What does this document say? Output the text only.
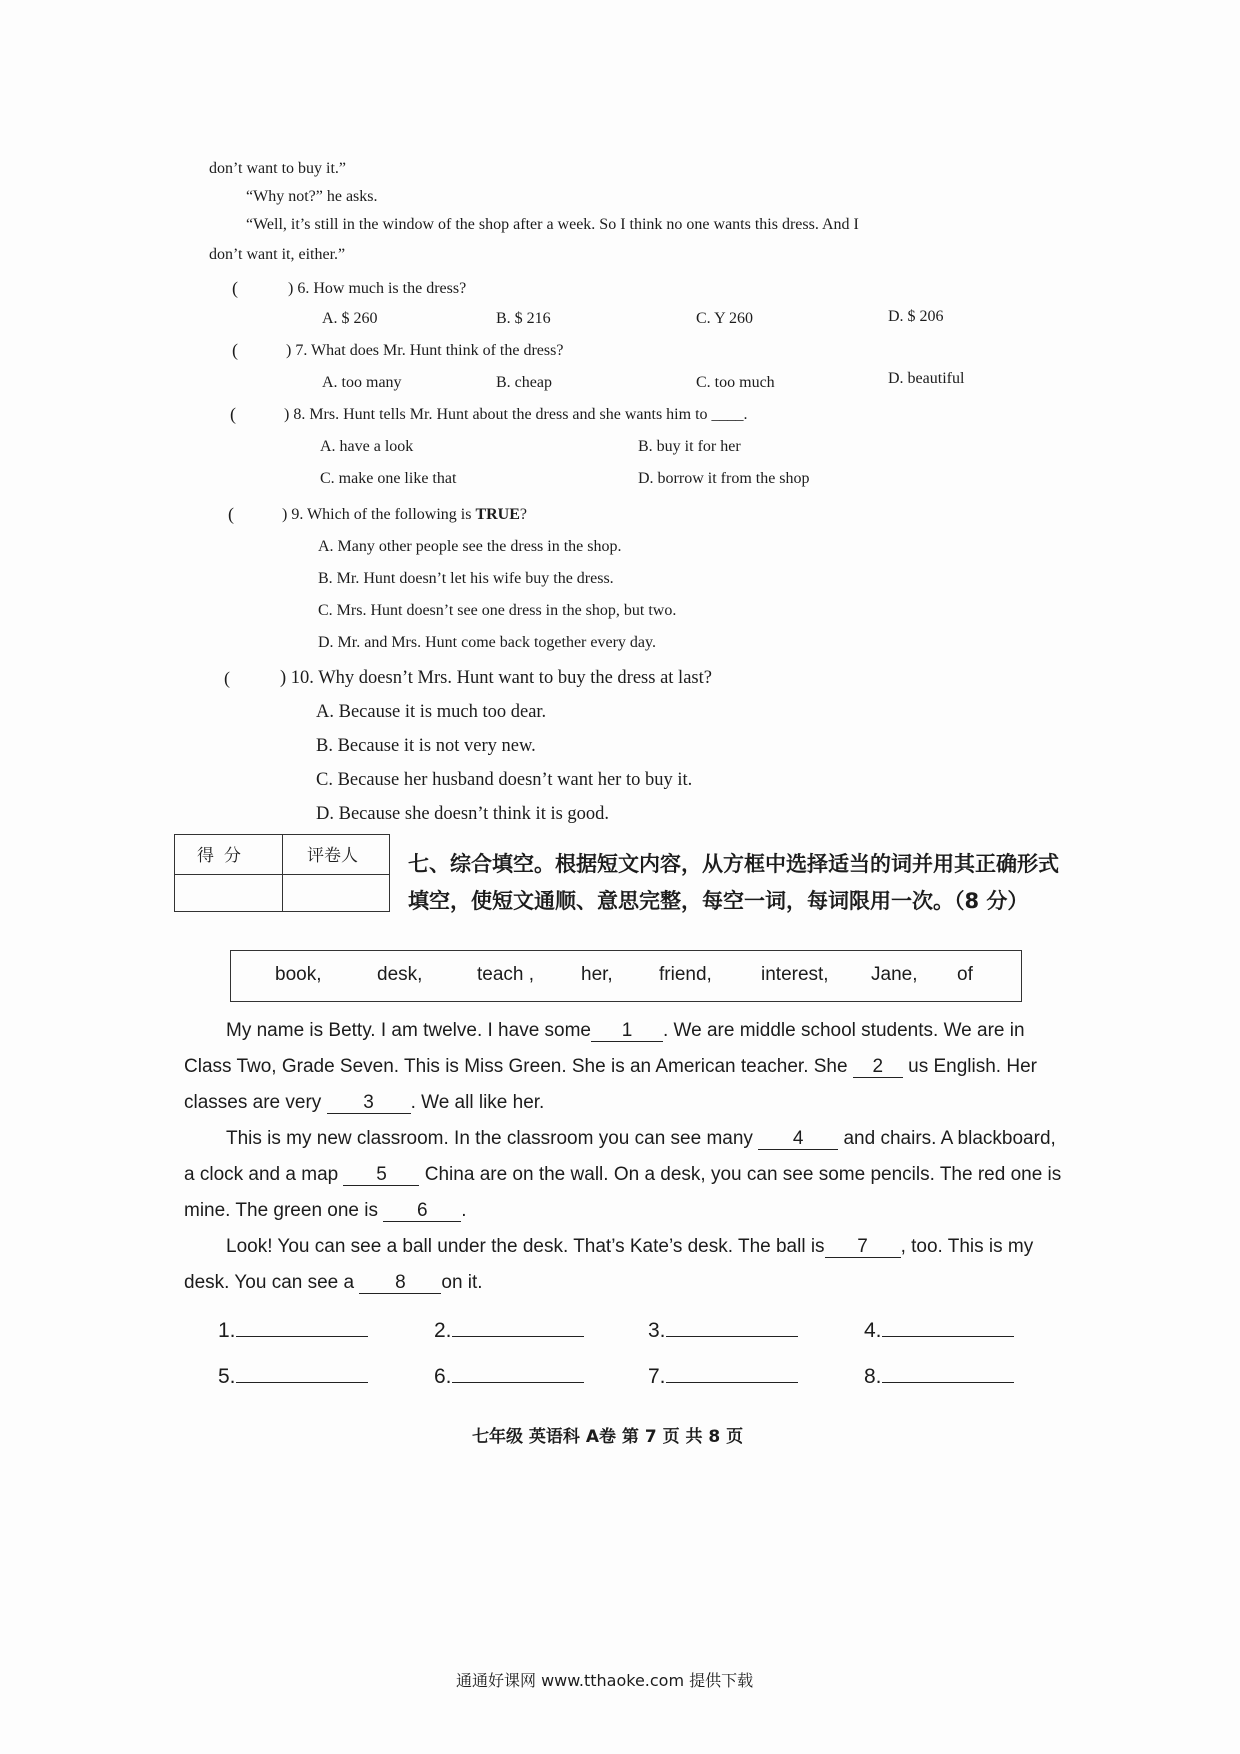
don’t want to buy it.”
“Why not?” he asks.
“Well, it’s still in the window of the shop after a week. So I think no one wants this dress. And I
don’t want it, either.”
(	) 6. How much is the dress?
A. $ 260	B. $ 216	C. Y 260	D. $ 206
(	) 7. What does Mr. Hunt think of the dress?
A. too many	B. cheap	C. too much	D. beautiful
(	) 8. Mrs. Hunt tells Mr. Hunt about the dress and she wants him to ____.
A. have a look	B. buy it for her
C. make one like that	D. borrow it from the shop
(	) 9. Which of the following is TRUE?
A. Many other people see the dress in the shop.
B. Mr. Hunt doesn’t let his wife buy the dress.
C. Mrs. Hunt doesn’t see one dress in the shop, but two.
D. Mr. and Mrs. Hunt come back together every day.
(	) 10. Why doesn’t Mrs. Hunt want to buy the dress at last?
A. Because it is much too dear.
B. Because it is not very new.
C. Because her husband doesn’t want her to buy it.
D. Because she doesn’t think it is good.
得分	评卷人 七、综合填空。根据短文内容，从方框中选择适当的词并用其正确形式填空，使短文通顺、意思完整，每空一词，每词限用一次。（8 分）
book,	desk,	teach , her, friend,	interest, Jane, of
My name is Betty. I am twelve. I have some 1 . We are middle school students. We are in
Class Two, Grade Seven. This is Miss Green. She is an American teacher. She 2 us English. Her
classes are very 3 . We all like her.
This is my new classroom. In the classroom you can see many 4 and chairs. A blackboard,
a clock and a map 5 China are on the wall. On a desk, you can see some pencils. The red one is
mine. The green one is 6 .
Look! You can see a ball under the desk. That’s Kate’s desk. The ball is 7 , too. This is my
desk. You can see a 8 on it.
1.	2.	3.	4.
5.	6.	7.	8.
七年级 英语科 A卷 第 7 页 共 8 页
通通好课网 www.tthaoke.com 提供下载
